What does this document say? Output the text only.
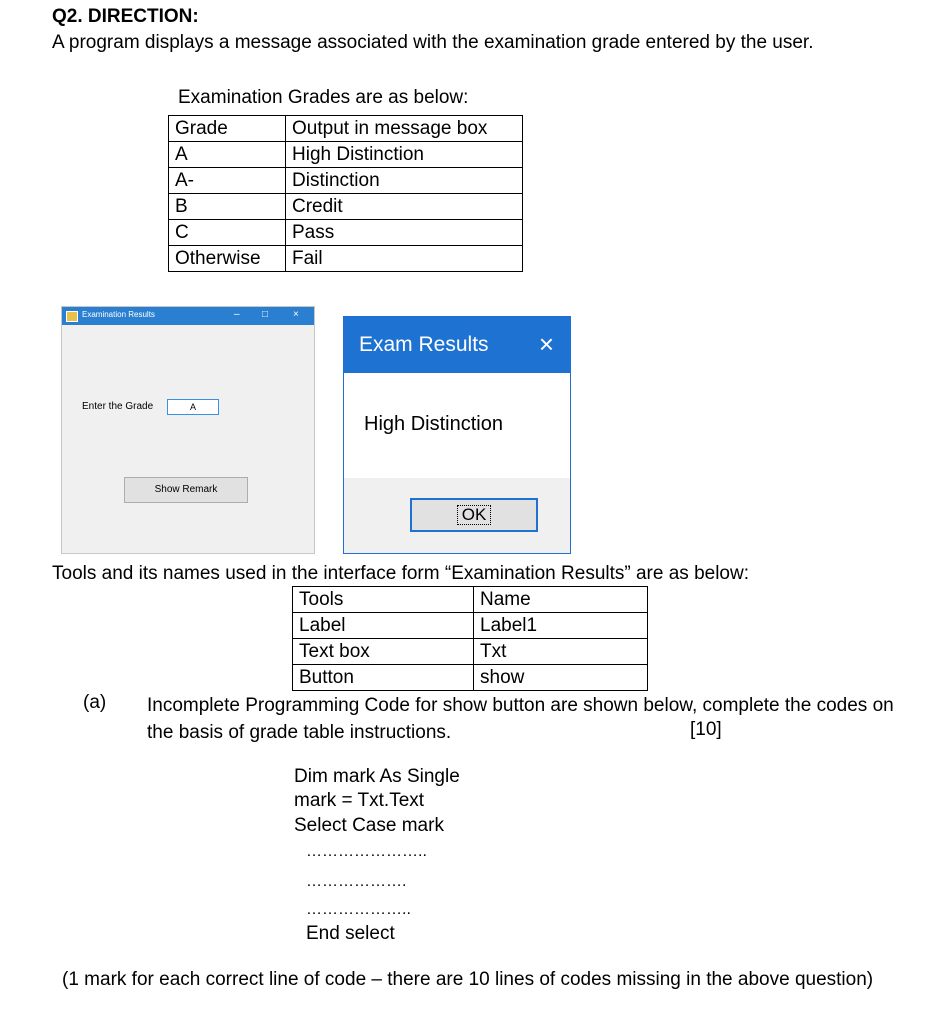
Q2. DIRECTION:
A program displays a message associated with the examination grade entered by the user.
Examination Grades are as below:
Grade	Output in message box
A	High Distinction
A-	Distinction
B	Credit
C	Pass
Otherwise	Fail
Examination Results	– □ ×
Enter the Grade	A
Show Remark
Exam Results ×
High Distinction
OK
Tools and its names used in the interface form “Examination Results” are as below:
Tools	Name
Label	Label1
Text box	Txt
Button	show
(a) Incomplete Programming Code for show button are shown below, complete the codes on the basis of grade table instructions.	[10]
Dim mark As Single
mark = Txt.Text
Select Case mark
…………………..
……………….
………………..
End select
(1 mark for each correct line of code – there are 10 lines of codes missing in the above question)
